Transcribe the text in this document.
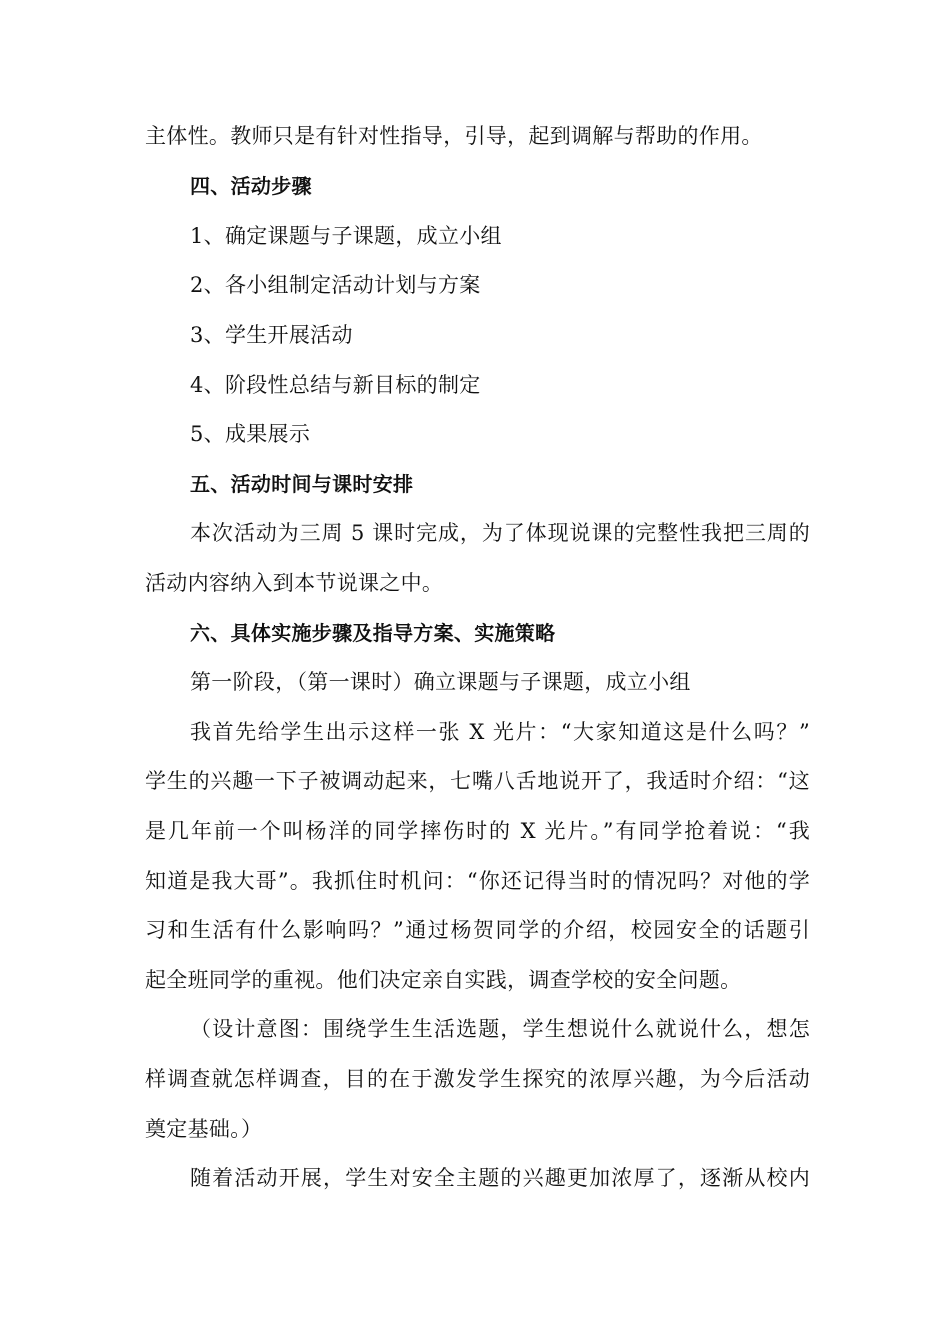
主体性。教师只是有针对性指导，引导，起到调解与帮助的作用。
四、活动步骤
1、确定课题与子课题，成立小组
2、各小组制定活动计划与方案
3、学生开展活动
4、阶段性总结与新目标的制定
5、成果展示
五、活动时间与课时安排
本次活动为三周 5 课时完成，为了体现说课的完整性我把三周的
活动内容纳入到本节说课之中。
六、具体实施步骤及指导方案、实施策略
第一阶段，（第一课时）确立课题与子课题，成立小组
我首先给学生出示这样一张 X 光片：“大家知道这是什么吗？”
学生的兴趣一下子被调动起来，七嘴八舌地说开了，我适时介绍：“这
是几年前一个叫杨洋的同学摔伤时的 X 光片。”有同学抢着说：“我
知道是我大哥”。我抓住时机问：“你还记得当时的情况吗？对他的学
习和生活有什么影响吗？”通过杨贺同学的介绍，校园安全的话题引
起全班同学的重视。他们决定亲自实践，调查学校的安全问题。
（设计意图：围绕学生生活选题，学生想说什么就说什么，想怎
样调查就怎样调查，目的在于激发学生探究的浓厚兴趣，为今后活动
奠定基础。）
随着活动开展，学生对安全主题的兴趣更加浓厚了，逐渐从校内
